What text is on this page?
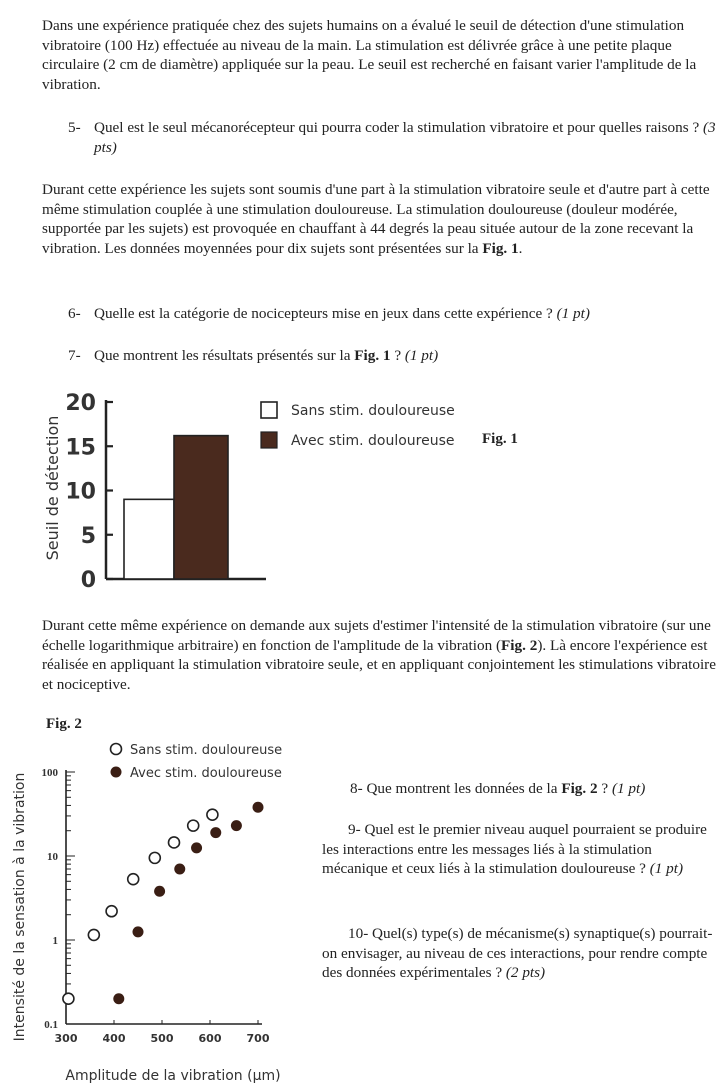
Dans une expérience pratiquée chez des sujets humains on a évalué le seuil de détection d'une stimulation vibratoire (100 Hz) effectuée au niveau de la main. La stimulation est délivrée grâce à une petite plaque circulaire (2 cm de diamètre) appliquée sur la peau. Le seuil est recherché en faisant varier l'amplitude de la vibration.

5- Quel est le seul mécanorécepteur qui pourra coder la stimulation vibratoire et pour quelles raisons ? (3 pts)

Durant cette expérience les sujets sont soumis d'une part à la stimulation vibratoire seule et d'autre part à cette même stimulation couplée à une stimulation douloureuse. La stimulation douloureuse (douleur modérée, supportée par les sujets) est provoquée en chauffant à 44 degrés la peau située autour de la zone recevant la vibration. Les données moyennées pour dix sujets sont présentées sur la Fig. 1.

6- Quelle est la catégorie de nocicepteurs mise en jeux dans cette expérience ? (1 pt)
7- Que montrent les résultats présentés sur la Fig. 1 ? (1 pt)
Seuil de détection
0
5
10
15
20	Sans stim. douloureuse
Avec stim. douloureuse Fig. 1

Durant cette même expérience on demande aux sujets d'estimer l'intensité de la stimulation vibratoire (sur une échelle logarithmique arbitraire) en fonction de l'amplitude de la vibration (Fig. 2). Là encore l'expérience est réalisée en appliquant la stimulation vibratoire seule, et en appliquant conjointement les stimulations vibratoire et nociceptive.

Fig. 2
Intensité de la sensation à la vibration 0.1
1
10
100
300 400 500 600 700
Sans stim. douloureuse
Avec stim. douloureuse
Amplitude de la vibration (µm)
8- Que montrent les données de la Fig. 2 ? (1 pt)
9- Quel est le premier niveau auquel pourraient se produire les interactions entre les messages liés à la stimulation mécanique et ceux liés à la stimulation douloureuse ? (1 pt)
10- Quel(s) type(s) de mécanisme(s) synaptique(s) pourrait-on envisager, au niveau de ces interactions, pour rendre compte des données expérimentales ? (2 pts)
